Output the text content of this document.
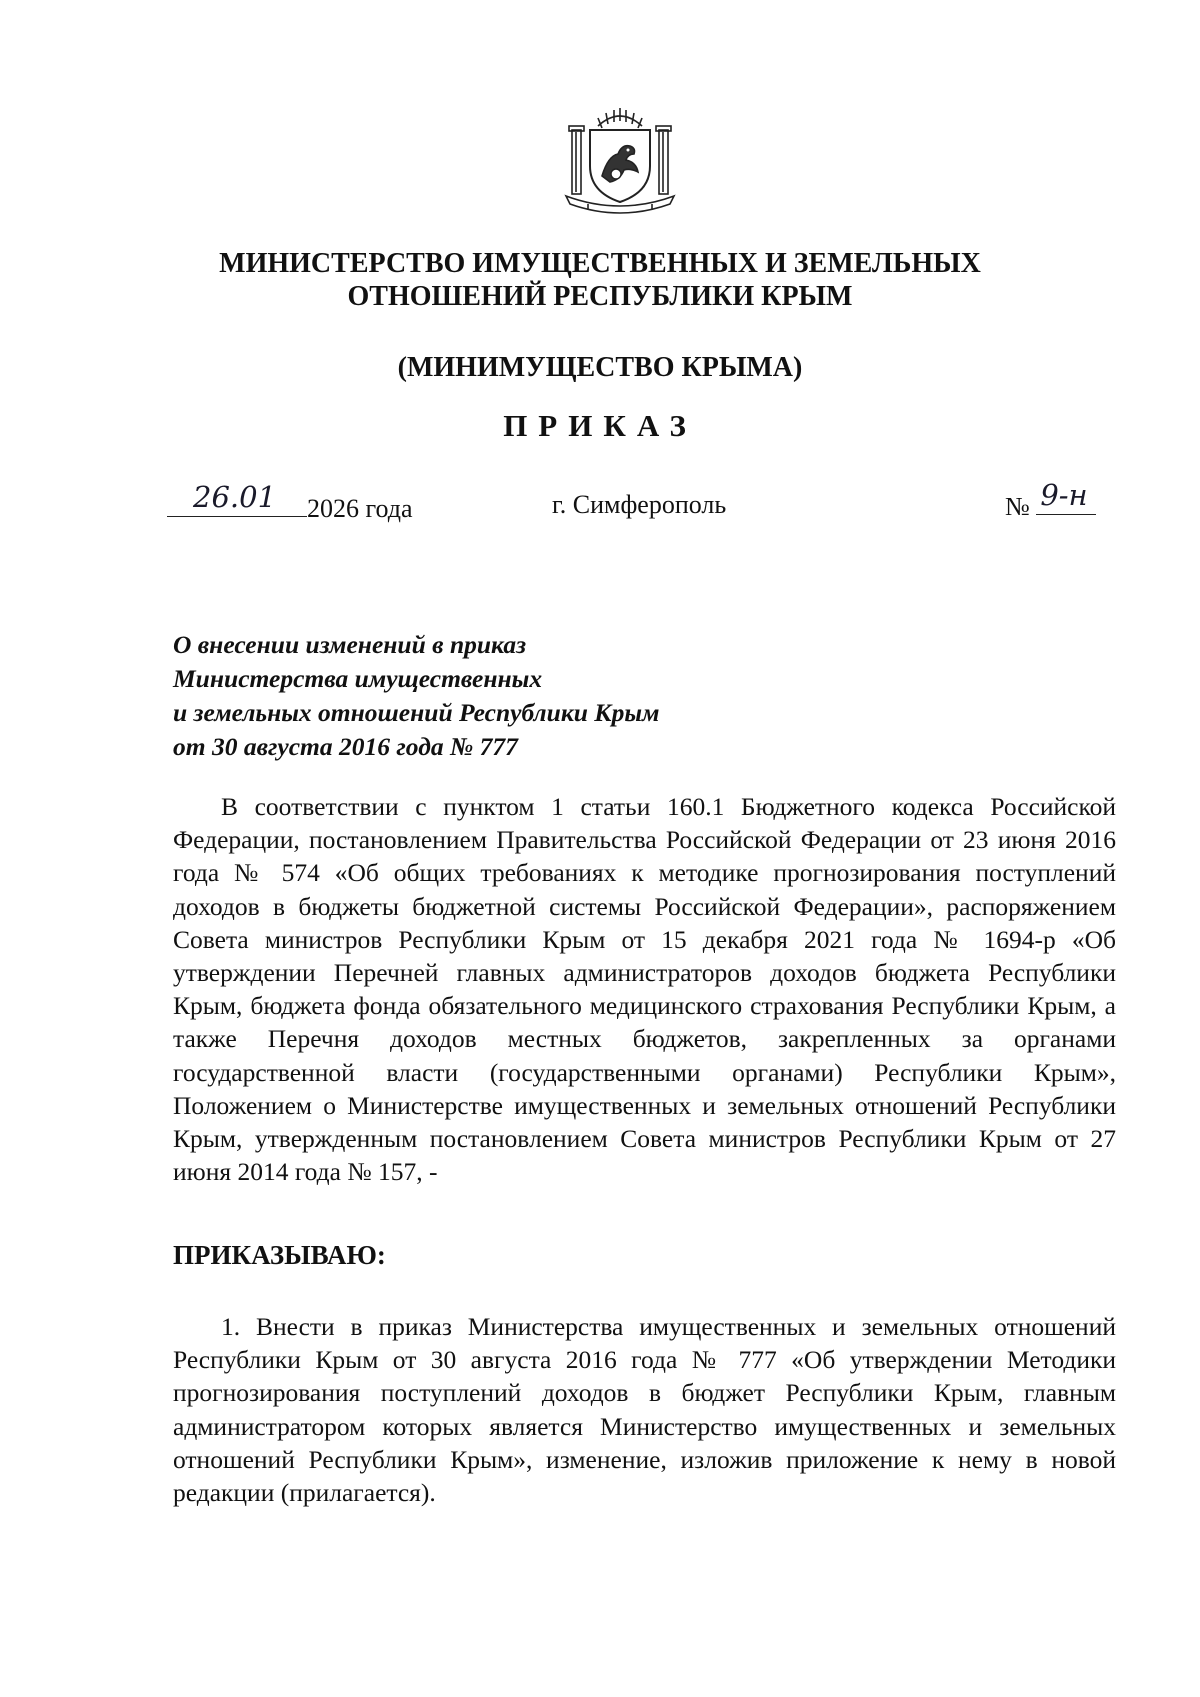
МИНИСТЕРСТВО ИМУЩЕСТВЕННЫХ И ЗЕМЕЛЬНЫХ
ОТНОШЕНИЙ РЕСПУБЛИКИ КРЫМ
(МИНИМУЩЕСТВО КРЫМА)
ПРИКАЗ
26.01 2026 года	г. Симферополь	№ 9-н
О внесении изменений в приказ
Министерства имущественных
и земельных отношений Республики Крым
от 30 августа 2016 года № 777
В соответствии с пунктом 1 статьи 160.1 Бюджетного кодекса Российской Федерации, постановлением Правительства Российской Федерации от 23 июня 2016 года № 574 «Об общих требованиях к методике прогнозирования поступлений доходов в бюджеты бюджетной системы Российской Федерации», распоряжением Совета министров Республики Крым от 15 декабря 2021 года № 1694-р «Об утверждении Перечней главных администраторов доходов бюджета Республики Крым, бюджета фонда обязательного медицинского страхования Республики Крым, а также Перечня доходов местных бюджетов, закрепленных за органами государственной власти (государственными органами) Республики Крым», Положением о Министерстве имущественных и земельных отношений Республики Крым, утвержденным постановлением Совета министров Республики Крым от 27 июня 2014 года № 157, -
ПРИКАЗЫВАЮ:
1. Внести в приказ Министерства имущественных и земельных отношений Республики Крым от 30 августа 2016 года № 777 «Об утверждении Методики прогнозирования поступлений доходов в бюджет Республики Крым, главным администратором которых является Министерство имущественных и земельных отношений Республики Крым», изменение, изложив приложение к нему в новой редакции (прилагается).
